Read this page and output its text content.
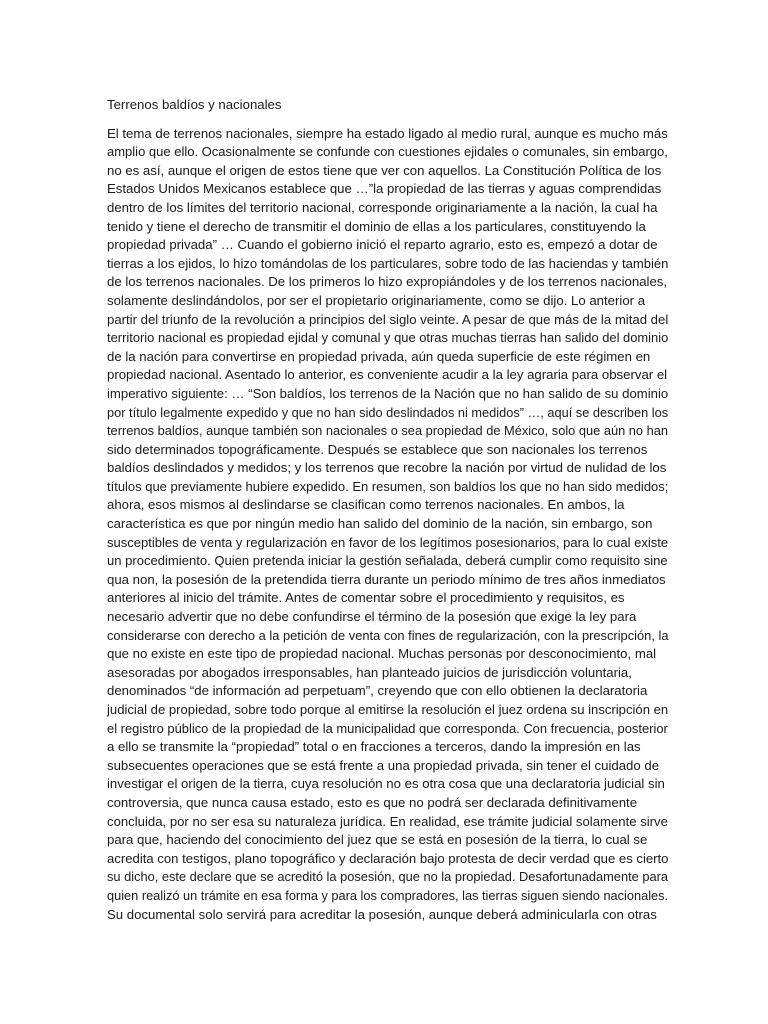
Terrenos baldíos y nacionales
El tema de terrenos nacionales, siempre ha estado ligado al medio rural, aunque es mucho más
amplio que ello. Ocasionalmente se confunde con cuestiones ejidales o comunales, sin embargo,
no es así, aunque el origen de estos tiene que ver con aquellos. La Constitución Política de los
Estados Unidos Mexicanos establece que …”la propiedad de las tierras y aguas comprendidas
dentro de los límites del territorio nacional, corresponde originariamente a la nación, la cual ha
tenido y tiene el derecho de transmitir el dominio de ellas a los particulares, constituyendo la
propiedad privada” … Cuando el gobierno inició el reparto agrario, esto es, empezó a dotar de
tierras a los ejidos, lo hizo tomándolas de los particulares, sobre todo de las haciendas y también
de los terrenos nacionales. De los primeros lo hizo expropiándoles y de los terrenos nacionales,
solamente deslindándolos, por ser el propietario originariamente, como se dijo. Lo anterior a
partir del triunfo de la revolución a principios del siglo veinte. A pesar de que más de la mitad del
territorio nacional es propiedad ejidal y comunal y que otras muchas tierras han salido del dominio
de la nación para convertirse en propiedad privada, aún queda superficie de este régimen en
propiedad nacional. Asentado lo anterior, es conveniente acudir a la ley agraria para observar el
imperativo siguiente: … “Son baldíos, los terrenos de la Nación que no han salido de su dominio
por título legalmente expedido y que no han sido deslindados ni medidos” …, aquí se describen los
terrenos baldíos, aunque también son nacionales o sea propiedad de México, solo que aún no han
sido determinados topográficamente. Después se establece que son nacionales los terrenos
baldíos deslindados y medidos; y los terrenos que recobre la nación por virtud de nulidad de los
títulos que previamente hubiere expedido. En resumen, son baldíos los que no han sido medidos;
ahora, esos mismos al deslindarse se clasifican como terrenos nacionales. En ambos, la
característica es que por ningún medio han salido del dominio de la nación, sin embargo, son
susceptibles de venta y regularización en favor de los legítimos posesionarios, para lo cual existe
un procedimiento. Quien pretenda iniciar la gestión señalada, deberá cumplir como requisito sine
qua non, la posesión de la pretendida tierra durante un periodo mínimo de tres años inmediatos
anteriores al inicio del trámite. Antes de comentar sobre el procedimiento y requisitos, es
necesario advertir que no debe confundirse el término de la posesión que exige la ley para
considerarse con derecho a la petición de venta con fines de regularización, con la prescripción, la
que no existe en este tipo de propiedad nacional. Muchas personas por desconocimiento, mal
asesoradas por abogados irresponsables, han planteado juicios de jurisdicción voluntaria,
denominados “de información ad perpetuam”, creyendo que con ello obtienen la declaratoria
judicial de propiedad, sobre todo porque al emitirse la resolución el juez ordena su inscripción en
el registro público de la propiedad de la municipalidad que corresponda. Con frecuencia, posterior
a ello se transmite la “propiedad” total o en fracciones a terceros, dando la impresión en las
subsecuentes operaciones que se está frente a una propiedad privada, sin tener el cuidado de
investigar el origen de la tierra, cuya resolución no es otra cosa que una declaratoria judicial sin
controversia, que nunca causa estado, esto es que no podrá ser declarada definitivamente
concluida, por no ser esa su naturaleza jurídica. En realidad, ese trámite judicial solamente sirve
para que, haciendo del conocimiento del juez que se está en posesión de la tierra, lo cual se
acredita con testigos, plano topográfico y declaración bajo protesta de decir verdad que es cierto
su dicho, este declare que se acreditó la posesión, que no la propiedad. Desafortunadamente para
quien realizó un trámite en esa forma y para los compradores, las tierras siguen siendo nacionales.
Su documental solo servirá para acreditar la posesión, aunque deberá adminicularla con otras
